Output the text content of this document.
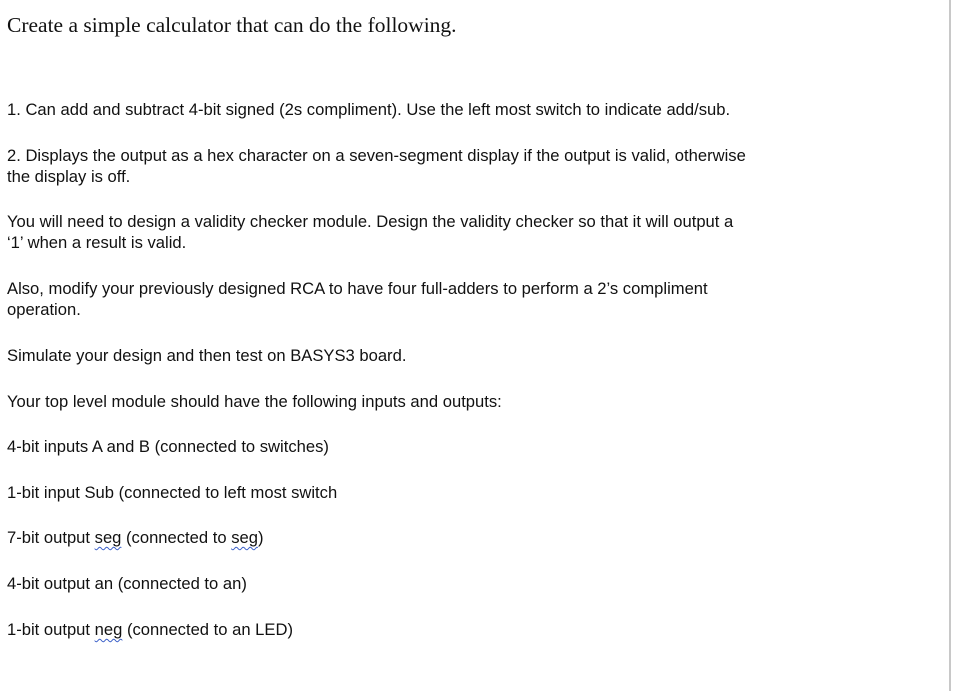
Create a simple calculator that can do the following.

1. Can add and subtract 4-bit signed (2s compliment). Use the left most switch to indicate add/sub.

2. Displays the output as a hex character on a seven-segment display if the output is valid, otherwise
the display is off.

You will need to design a validity checker module. Design the validity checker so that it will output a
‘1’ when a result is valid.

Also, modify your previously designed RCA to have four full-adders to perform a 2’s compliment
operation.

Simulate your design and then test on BASYS3 board.

Your top level module should have the following inputs and outputs:

4-bit inputs A and B (connected to switches)

1-bit input Sub (connected to left most switch

7-bit output seg (connected to seg)

4-bit output an (connected to an)

1-bit output neg (connected to an LED)
